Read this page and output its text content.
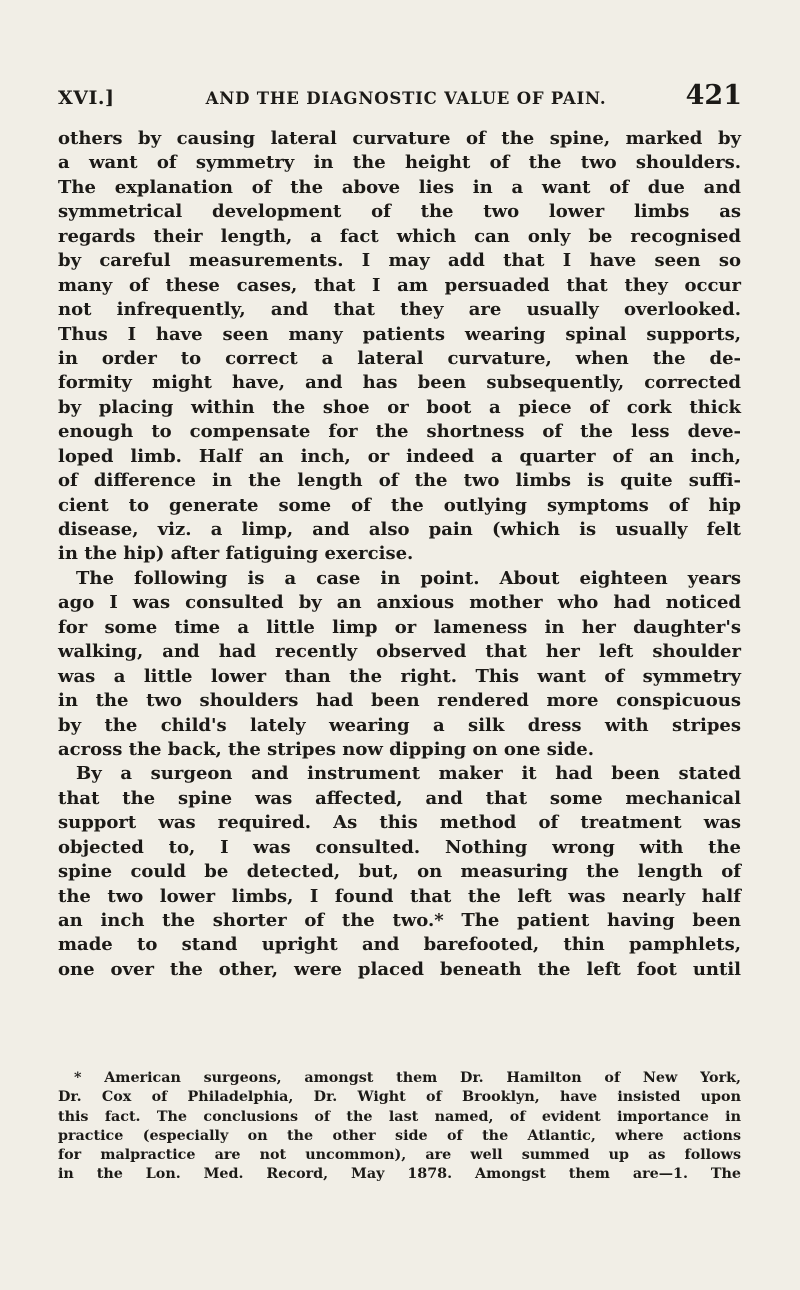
XVI.]	AND THE DIAGNOSTIC VALUE OF PAIN.	421
others by causing lateral curvature of the spine, marked by
a want of symmetry in the height of the two shoulders.
The explanation of the above lies in a want of due and
symmetrical development of the two lower limbs as
regards their length, a fact which can only be recognised
by careful measurements. I may add that I have seen so
many of these cases, that I am persuaded that they occur
not infrequently, and that they are usually overlooked.
Thus I have seen many patients wearing spinal supports,
in order to correct a lateral curvature, when the de-
formity might have, and has been subsequently, corrected
by placing within the shoe or boot a piece of cork thick
enough to compensate for the shortness of the less deve-
loped limb. Half an inch, or indeed a quarter of an inch,
of difference in the length of the two limbs is quite suffi-
cient to generate some of the outlying symptoms of hip
disease, viz. a limp, and also pain (which is usually felt
in the hip) after fatiguing exercise.
The following is a case in point. About eighteen years
ago I was consulted by an anxious mother who had noticed
for some time a little limp or lameness in her daughter's
walking, and had recently observed that her left shoulder
was a little lower than the right. This want of symmetry
in the two shoulders had been rendered more conspicuous
by the child's lately wearing a silk dress with stripes
across the back, the stripes now dipping on one side.
By a surgeon and instrument maker it had been stated
that the spine was affected, and that some mechanical
support was required. As this method of treatment was
objected to, I was consulted. Nothing wrong with the
spine could be detected, but, on measuring the length of
the two lower limbs, I found that the left was nearly half
an inch the shorter of the two.* The patient having been
made to stand upright and barefooted, thin pamphlets,
one over the other, were placed beneath the left foot until
* American surgeons, amongst them Dr. Hamilton of New York,
Dr. Cox of Philadelphia, Dr. Wight of Brooklyn, have insisted upon
this fact. The conclusions of the last named, of evident importance in
practice (especially on the other side of the Atlantic, where actions
for malpractice are not uncommon), are well summed up as follows
in the Lon. Med. Record, May 1878. Amongst them are—1. The
